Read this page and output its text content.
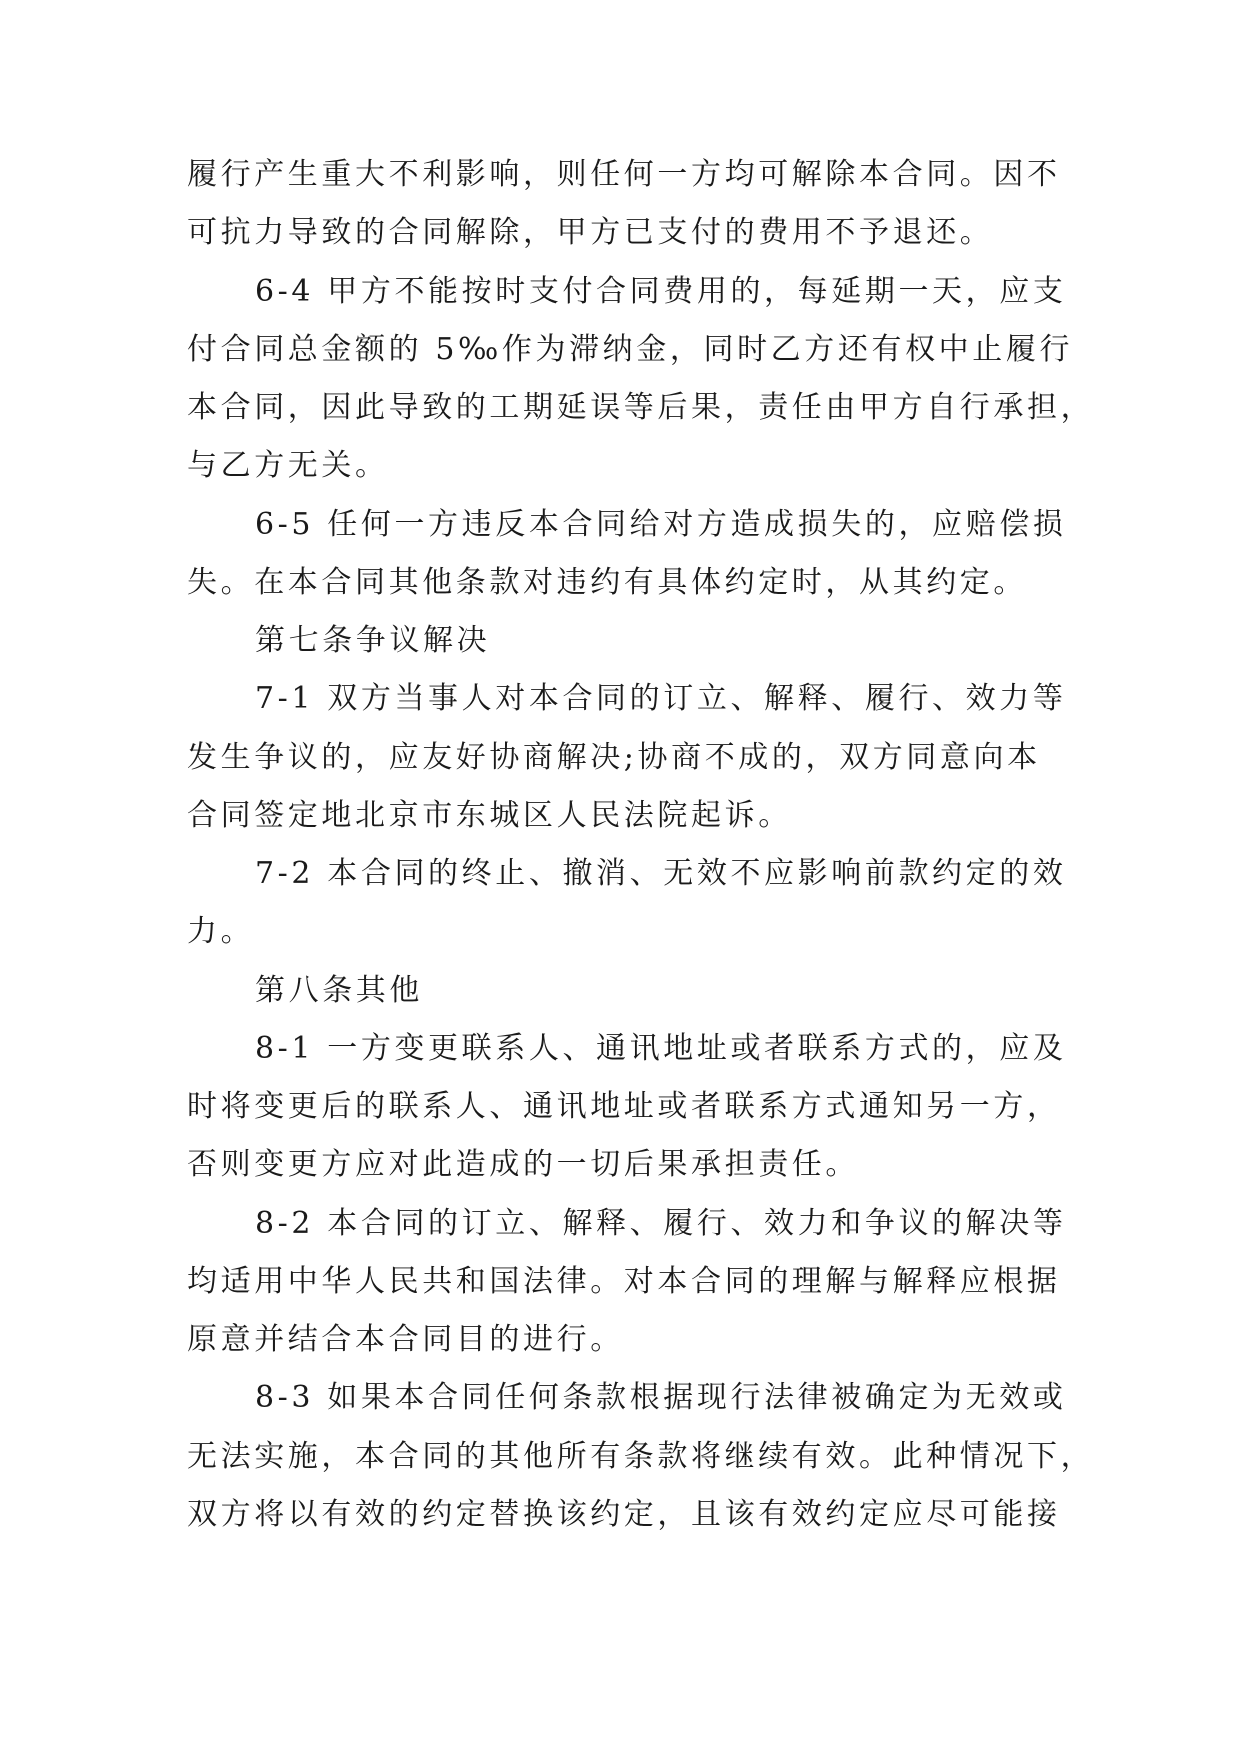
履行产生重大不利影响，则任何一方均可解除本合同。因不
可抗力导致的合同解除，甲方已支付的费用不予退还。
6-4 甲方不能按时支付合同费用的，每延期一天，应支
付合同总金额的 5‰作为滞纳金，同时乙方还有权中止履行
本合同，因此导致的工期延误等后果，责任由甲方自行承担，
与乙方无关。
6-5 任何一方违反本合同给对方造成损失的，应赔偿损
失。在本合同其他条款对违约有具体约定时，从其约定。
第七条争议解决
7-1 双方当事人对本合同的订立、解释、履行、效力等
发生争议的，应友好协商解决;协商不成的，双方同意向本
合同签定地北京市东城区人民法院起诉。
7-2 本合同的终止、撤消、无效不应影响前款约定的效
力。
第八条其他
8-1 一方变更联系人、通讯地址或者联系方式的，应及
时将变更后的联系人、通讯地址或者联系方式通知另一方，
否则变更方应对此造成的一切后果承担责任。
8-2 本合同的订立、解释、履行、效力和争议的解决等
均适用中华人民共和国法律。对本合同的理解与解释应根据
原意并结合本合同目的进行。
8-3 如果本合同任何条款根据现行法律被确定为无效或
无法实施，本合同的其他所有条款将继续有效。此种情况下，
双方将以有效的约定替换该约定，且该有效约定应尽可能接
